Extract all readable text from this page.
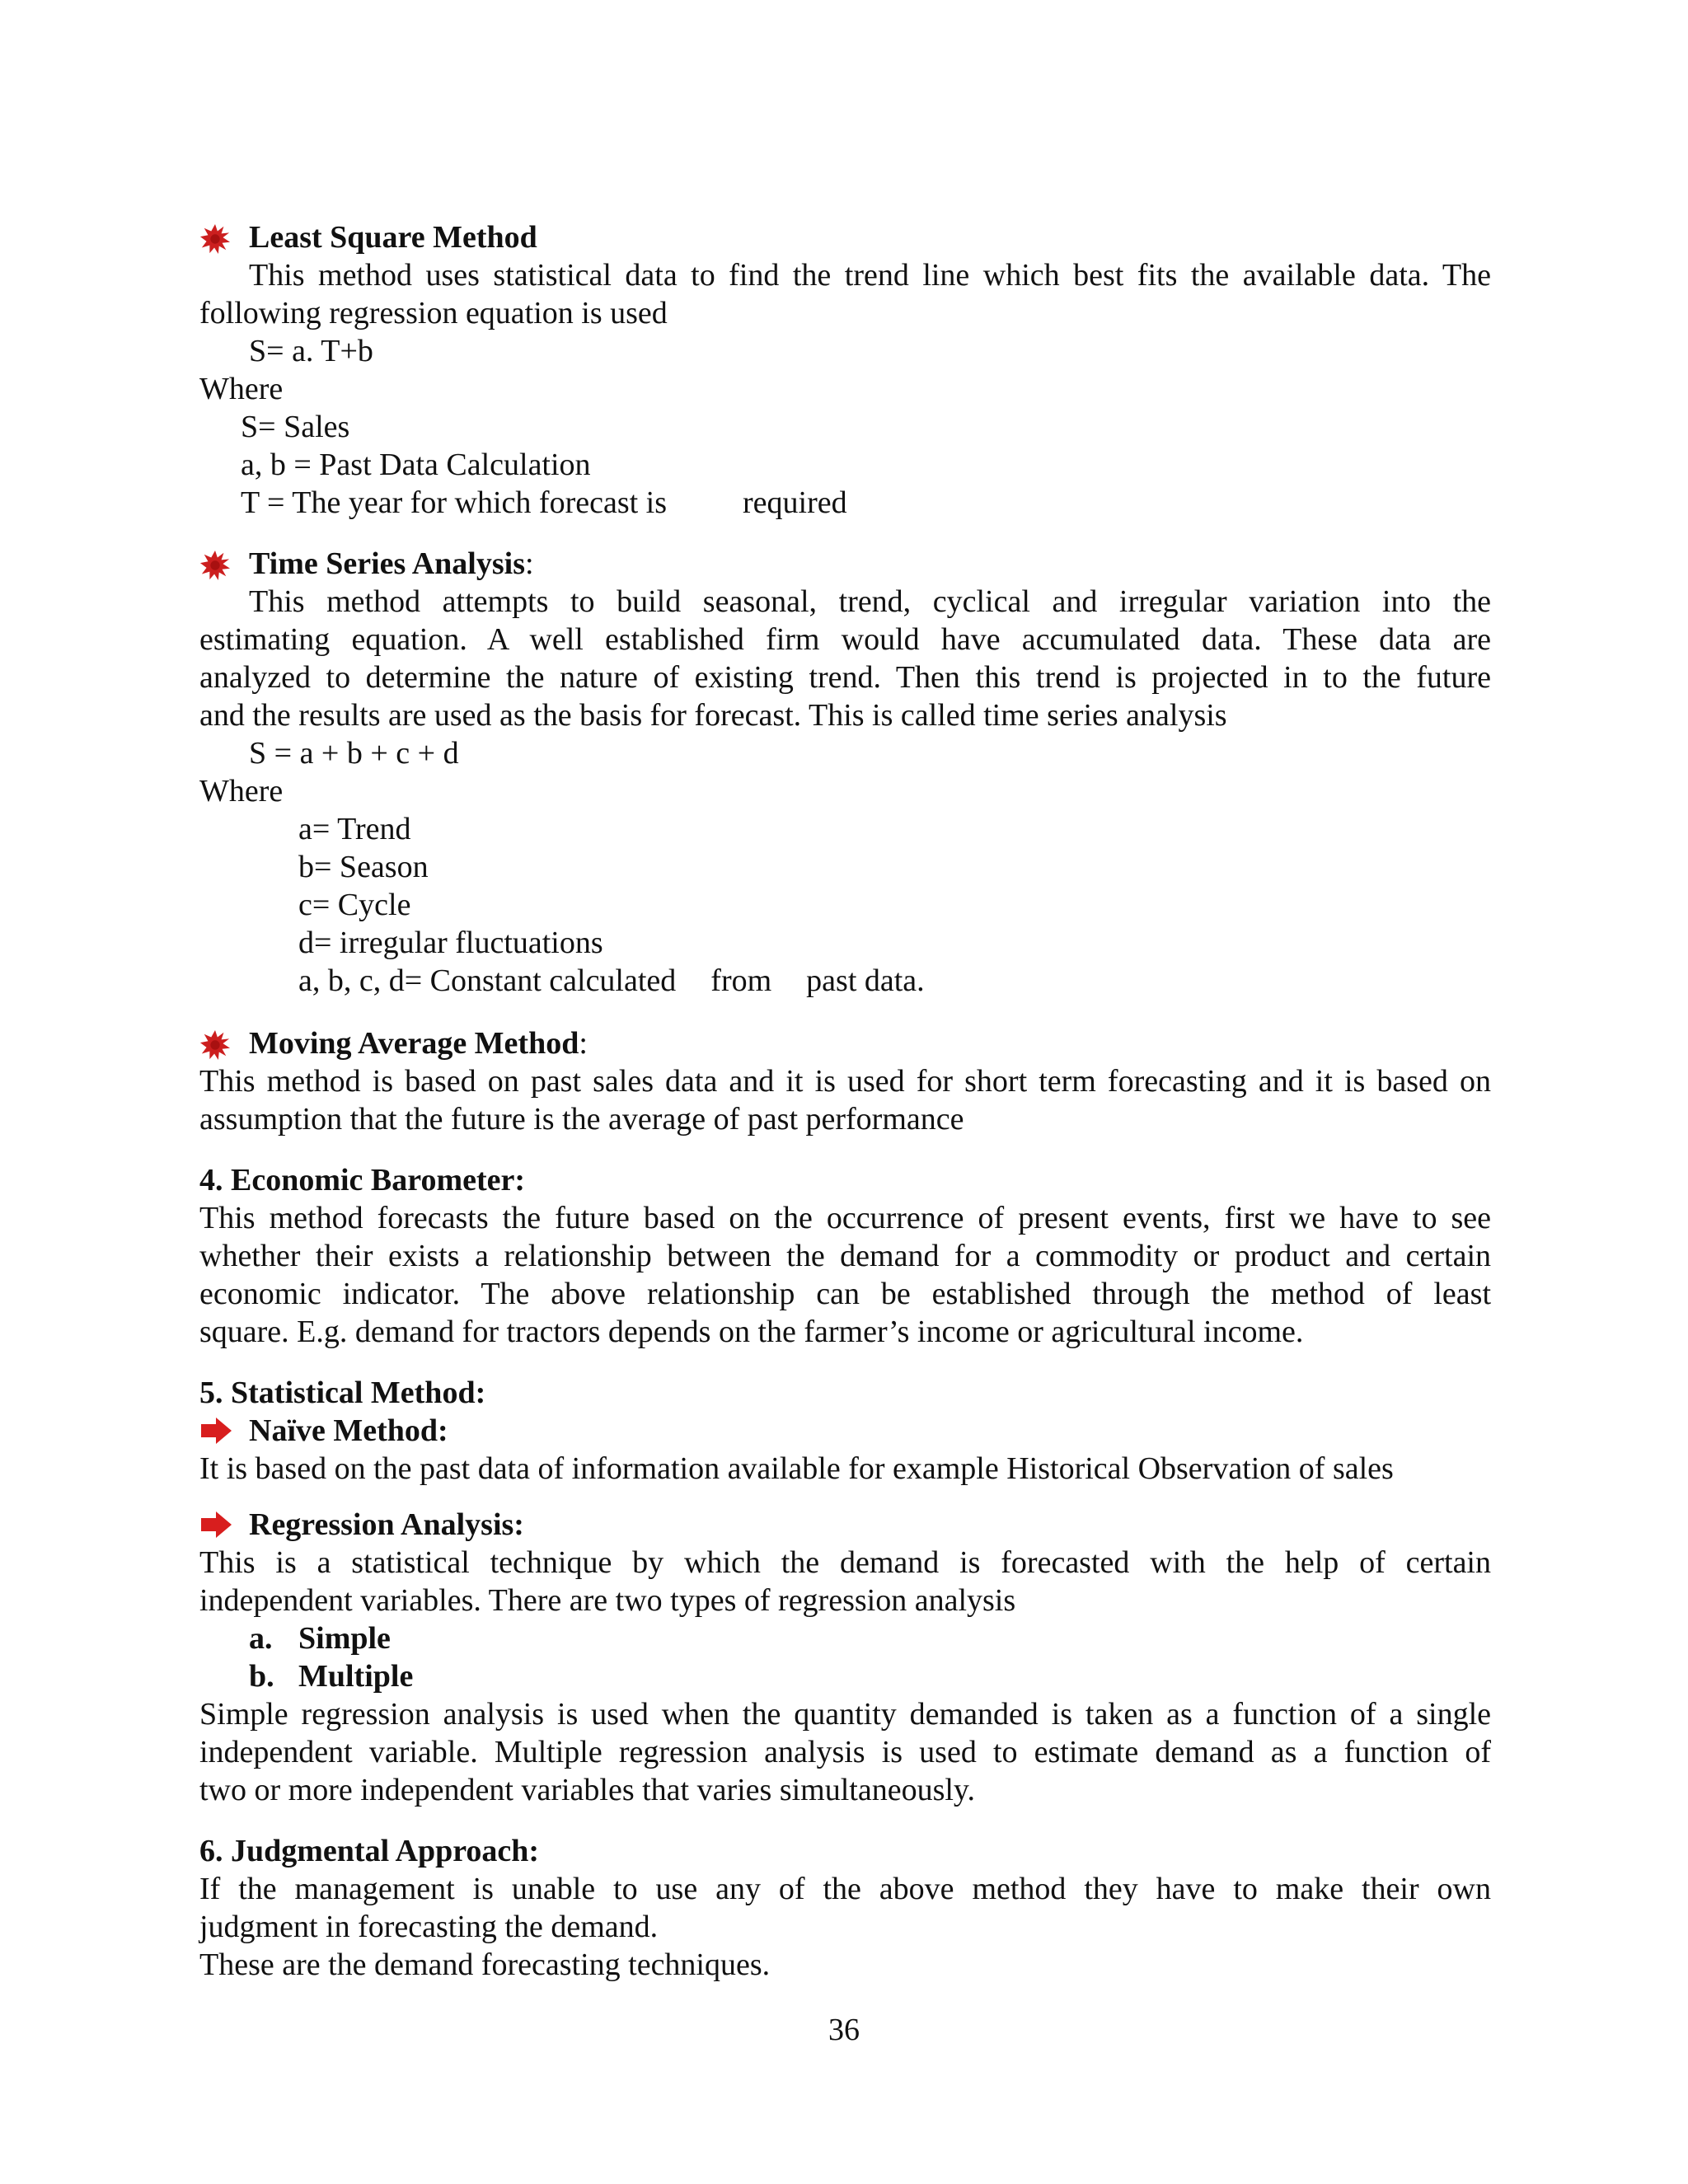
Least Square Method
This method uses statistical data to find the trend line which best fits the available data. The
following regression equation is used
S= a. T+b
Where
S= Sales
a, b = Past Data Calculation
T = The year for which forecast is required
Time Series Analysis:
This method attempts to build seasonal, trend, cyclical and irregular variation into the
estimating equation. A well established firm would have accumulated data. These data are
analyzed to determine the nature of existing trend. Then this trend is projected in to the future
and the results are used as the basis for forecast. This is called time series analysis
S = a + b + c + d
Where
a= Trend
b= Season
c= Cycle
d= irregular fluctuations
a, b, c, d= Constant calculated from past data.
Moving Average Method:
This method is based on past sales data and it is used for short term forecasting and it is based on
assumption that the future is the average of past performance
4. Economic Barometer:
This method forecasts the future based on the occurrence of present events, first we have to see
whether their exists a relationship between the demand for a commodity or product and certain
economic indicator. The above relationship can be established through the method of least
square. E.g. demand for tractors depends on the farmer’s income or agricultural income.
5. Statistical Method:
Naïve Method:
It is based on the past data of information available for example Historical Observation of sales
Regression Analysis:
This is a statistical technique by which the demand is forecasted with the help of certain
independent variables. There are two types of regression analysis
a. Simple
b. Multiple
Simple regression analysis is used when the quantity demanded is taken as a function of a single
independent variable. Multiple regression analysis is used to estimate demand as a function of
two or more independent variables that varies simultaneously.
6. Judgmental Approach:
If the management is unable to use any of the above method they have to make their own
judgment in forecasting the demand.
These are the demand forecasting techniques.
36
